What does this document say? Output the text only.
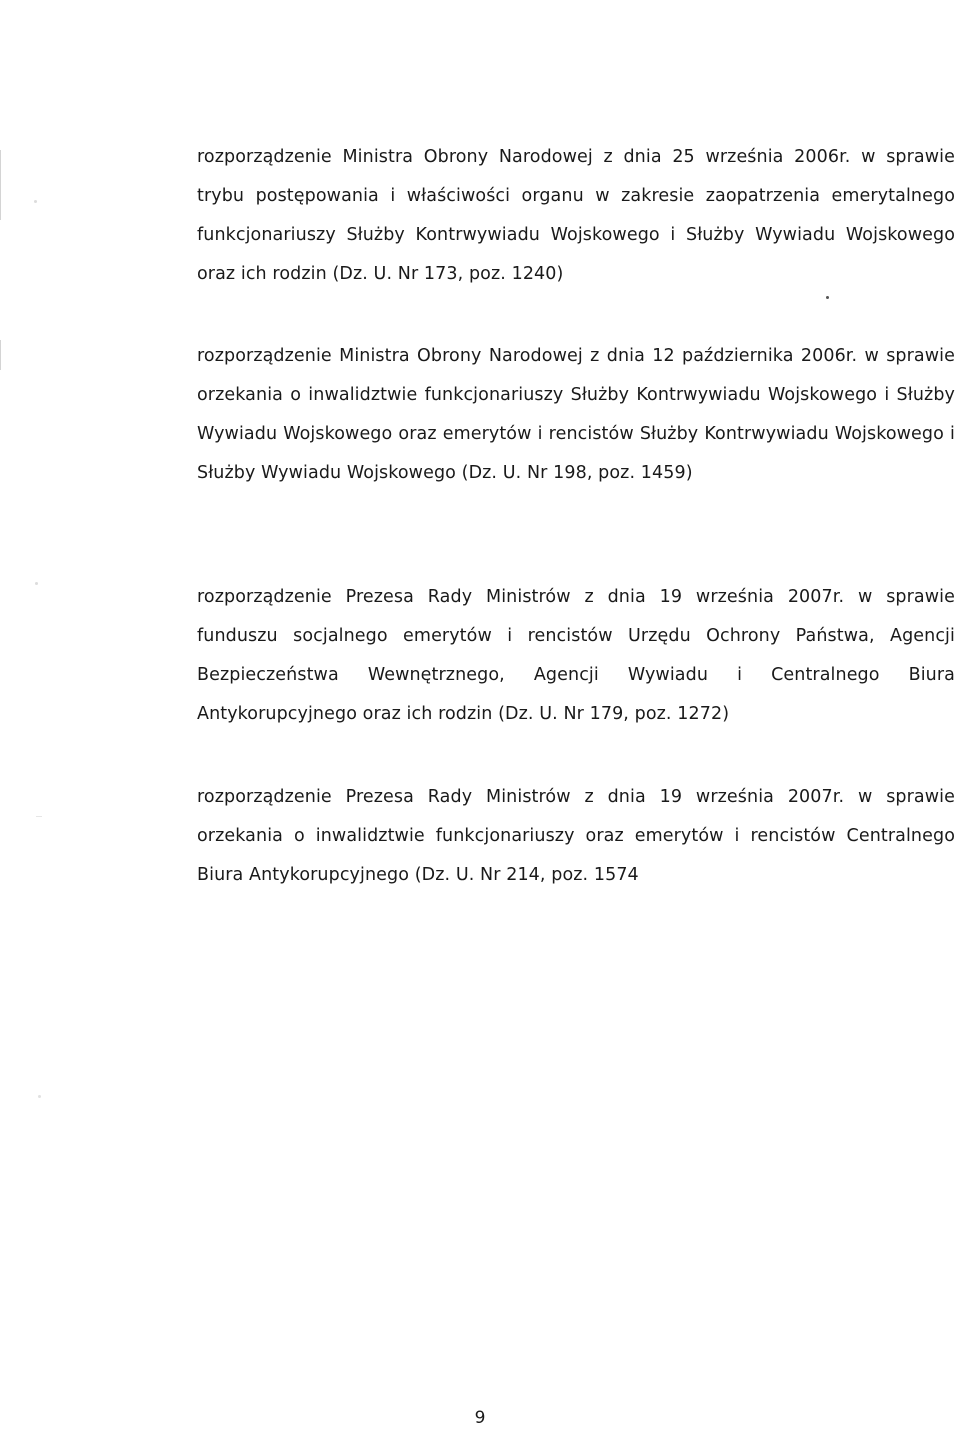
rozporządzenie Ministra Obrony Narodowej z dnia 25 września 2006r. w sprawie trybu postępowania i właściwości organu w zakresie zaopatrzenia emerytalnego funkcjonariuszy Służby Kontrwywiadu Wojskowego i Służby Wywiadu Wojskowego oraz ich rodzin (Dz. U. Nr 173, poz. 1240)

rozporządzenie Ministra Obrony Narodowej z dnia 12 października 2006r. w sprawie orzekania o inwalidztwie funkcjonariuszy Służby Kontrwywiadu Wojskowego i Służby Wywiadu Wojskowego oraz emerytów i rencistów Służby Kontrwywiadu Wojskowego i Służby Wywiadu Wojskowego (Dz. U. Nr 198, poz. 1459)

rozporządzenie Prezesa Rady Ministrów z dnia 19 września 2007r. w sprawie funduszu socjalnego emerytów i rencistów Urzędu Ochrony Państwa, Agencji Bezpieczeństwa Wewnętrznego, Agencji Wywiadu i Centralnego Biura Antykorupcyjnego oraz ich rodzin (Dz. U. Nr 179, poz. 1272)

rozporządzenie Prezesa Rady Ministrów z dnia 19 września 2007r. w sprawie orzekania o inwalidztwie funkcjonariuszy oraz emerytów i rencistów Centralnego Biura Antykorupcyjnego (Dz. U. Nr 214, poz. 1574

9
